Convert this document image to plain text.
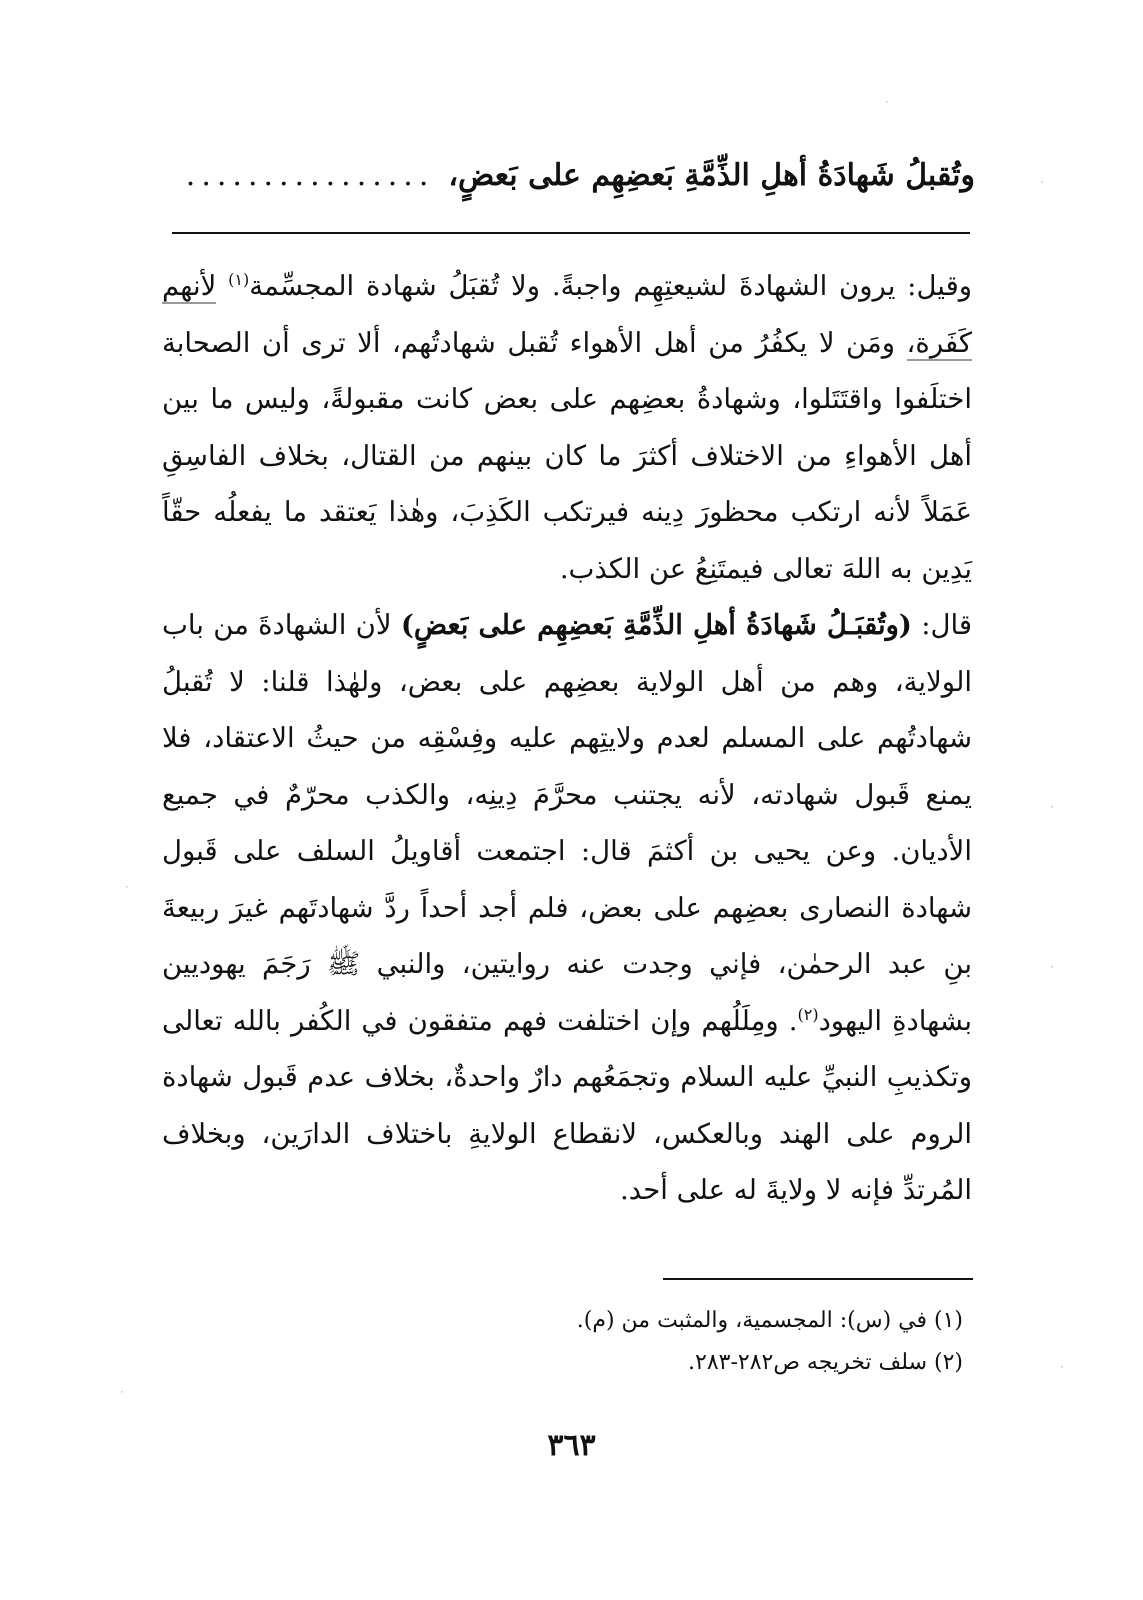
وتُقبلُ شَهادَةُ أهلِ الذِّمَّةِ بَعضِهِم على بَعضٍ،
................

وقيل: يرون الشهادةَ لشيعتِهِم واجبةً. ولا تُقبَلُ شهادة المجسِّمة$^{(١)}$ لأنهم كَفَرة، ومَن لا يكفُرُ من أهل الأهواء تُقبل شهادتُهم، ألا ترى أن الصحابة اختلَفوا واقتَتَلوا، وشهادةُ بعضِهم على بعض كانت مقبولةً، وليس ما بين أهل الأهواءِ من الاختلاف أكثرَ ما كان بينهم من القتال، بخلاف الفاسِقِ عَمَلاً لأنه ارتكب محظورَ دِينه فيرتكب الكَذِبَ، وهٰذا يَعتقد ما يفعلُه حقّاً يَدِين به اللهَ تعالى فيمتَنِعُ عن الكذب.

قال: (وتُقبَـلُ شَهادَةُ أهلِ الذِّمَّةِ بَعضِهِم على بَعضٍ) لأن الشهادةَ من باب الولاية، وهم من أهل الولاية بعضِهم على بعض، ولهٰذا قلنا: لا تُقبلُ شهادتُهم على المسلم لعدم ولايتِهم عليه وفِسْقِه من حيثُ الاعتقاد، فلا يمنع قَبول شهادته، لأنه يجتنب محرَّمَ دِينِه، والكذب محرّمٌ في جميع الأديان. وعن يحيى بن أكثمَ قال: اجتمعت أقاويلُ السلف على قَبول شهادة النصارى بعضِهم على بعض، فلم أجد أحداً ردَّ شهادتَهم غيرَ ربيعةَ بنِ عبد الرحمٰن، فإني وجدت عنه روايتين، والنبي ﷺ رَجَمَ يهوديين بشهادةِ اليهود$^{(٢)}$. ومِلَلُهم وإن اختلفت فهم متفقون في الكُفر بالله تعالى وتكذيبِ النبيِّ عليه السلام وتجمَعُهم دارٌ واحدةٌ، بخلاف عدم قَبول شهادة الروم على الهند وبالعكس، لانقطاع الولايةِ باختلاف الدارَين، وبخلاف المُرتدِّ فإنه لا ولايةَ له على أحد.

(١) في (س): المجسمية، والمثبت من (م).
(٢) سلف تخريجه ص٢٨٢-٢٨٣.
٣٦٣
·
·
·
·
·
·
·
